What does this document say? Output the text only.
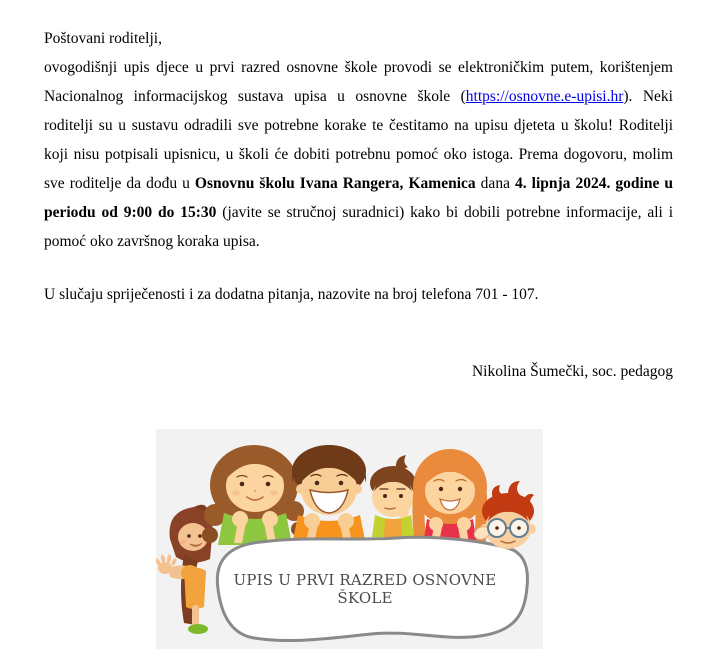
Poštovani roditelji,

ovogodišnji upis djece u prvi razred osnovne škole provodi se elektroničkim putem, korištenjem Nacionalnog informacijskog sustava upisa u osnovne škole (https://osnovne.e-upisi.hr). Neki roditelji su u sustavu odradili sve potrebne korake te čestitamo na upisu djeteta u školu! Roditelji koji nisu potpisali upisnicu, u školi će dobiti potrebnu pomoć oko istoga. Prema dogovoru, molim sve roditelje da dođu u Osnovnu školu Ivana Rangera, Kamenica dana 4. lipnja 2024. godine u periodu od 9:00 do 15:30 (javite se stručnoj suradnici) kako bi dobili potrebne informacije, ali i pomoć oko završnog koraka upisa.

U slučaju spriječenosti i za dodatna pitanja, nazovite na broj telefona 701 - 107.

Nikolina Šumečki, soc. pedagog

UPIS U PRVI RAZRED OSNOVNE ŠKOLE
